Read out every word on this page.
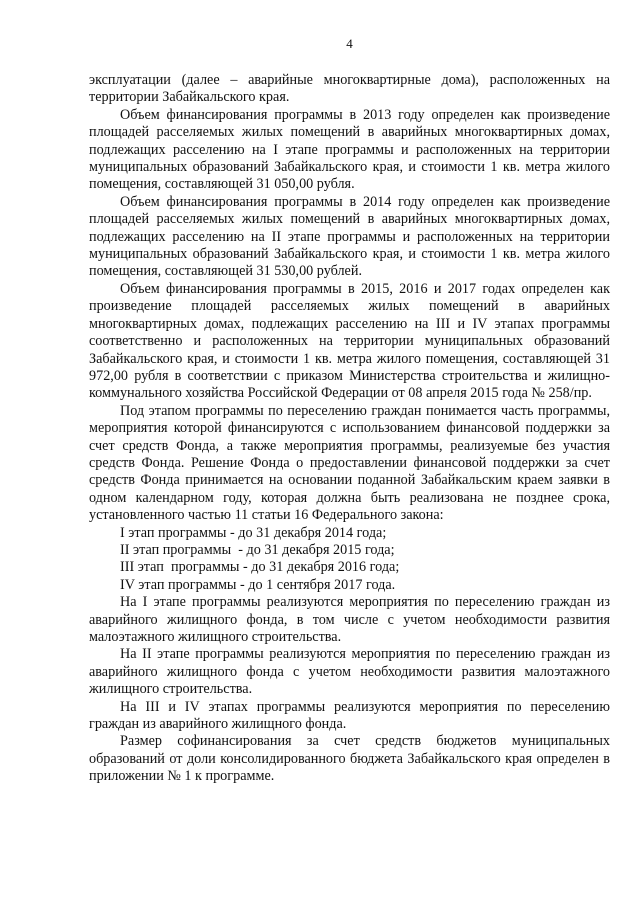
4

эксплуатации (далее – аварийные многоквартирные дома), расположенных на территории Забайкальского края.

Объем финансирования программы в 2013 году определен как произведение площадей расселяемых жилых помещений в аварийных многоквартирных домах, подлежащих расселению на I этапе программы и расположенных на территории муниципальных образований Забайкальского края, и стоимости 1 кв. метра жилого помещения, составляющей 31 050,00 рубля.

Объем финансирования программы в 2014 году определен как произведение площадей расселяемых жилых помещений в аварийных многоквартирных домах, подлежащих расселению на II этапе программы и расположенных на территории муниципальных образований Забайкальского края, и стоимости 1 кв. метра жилого помещения, составляющей 31 530,00 рублей.

Объем финансирования программы в 2015, 2016 и 2017 годах определен как произведение площадей расселяемых жилых помещений в аварийных многоквартирных домах, подлежащих расселению на III и IV этапах программы соответственно и расположенных на территории муниципальных образований Забайкальского края, и стоимости 1 кв. метра жилого помещения, составляющей 31 972,00 рубля в соответствии с приказом Министерства строительства и жилищно-коммунального хозяйства Российской Федерации от 08 апреля 2015 года № 258/пр.

Под этапом программы по переселению граждан понимается часть программы, мероприятия которой финансируются с использованием финансовой поддержки за счет средств Фонда, а также мероприятия программы, реализуемые без участия средств Фонда. Решение Фонда о предоставлении финансовой поддержки за счет средств Фонда принимается на основании поданной Забайкальским краем заявки в одном календарном году, которая должна быть реализована не позднее срока, установленного частью 11 статьи 16 Федерального закона:

I этап программы - до 31 декабря 2014 года;

II этап программы  - до 31 декабря 2015 года;

III этап  программы - до 31 декабря 2016 года;

IV этап программы - до 1 сентября 2017 года.

На I этапе программы реализуются мероприятия по переселению граждан из аварийного жилищного фонда, в том числе с учетом необходимости развития малоэтажного жилищного строительства.

На II этапе программы реализуются мероприятия по переселению граждан из аварийного жилищного фонда с учетом необходимости развития малоэтажного жилищного строительства.

На III и IV этапах программы реализуются мероприятия по переселению граждан из аварийного жилищного фонда.

Размер софинансирования за счет средств бюджетов муниципальных образований от доли консолидированного бюджета Забайкальского края определен в приложении № 1 к программе.
